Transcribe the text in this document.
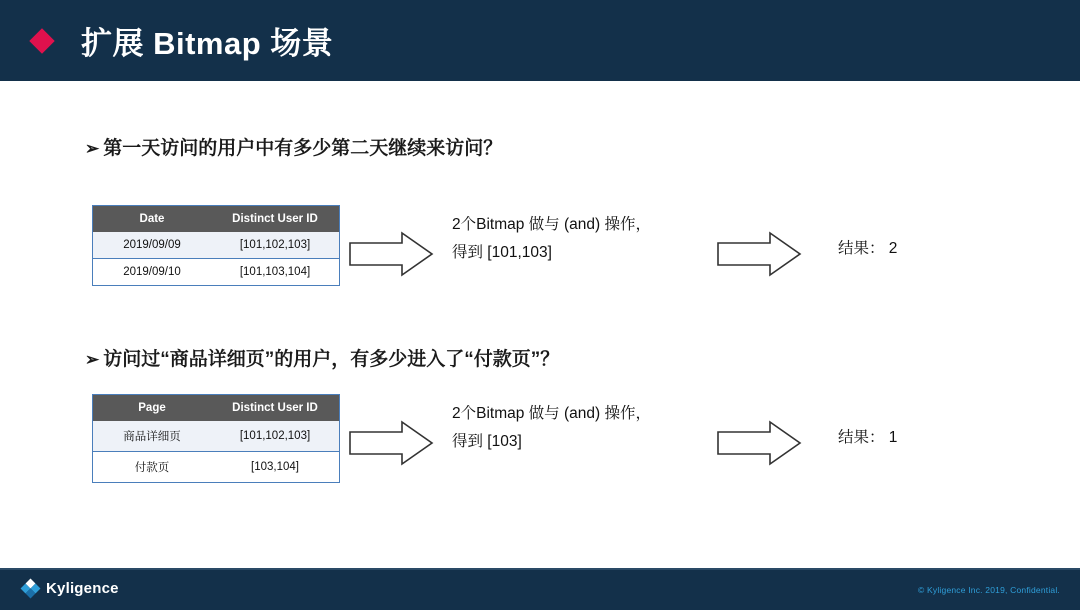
扩展 Bitmap 场景
➢ 第一天访问的用户中有多少第二天继续来访问？
Date	Distinct User ID
2019/09/09	[101,102,103]
2019/09/10	[101,103,104]
2个Bitmap 做与 (and) 操作，
得到 [101,103]	结果： 2
➢ 访问过“商品详细页”的用户，有多少进入了“付款页”？
Page	Distinct User ID
商品详细页	[101,102,103]
付款页	[103,104]
2个Bitmap 做与 (and) 操作，
得到 [103]	结果： 1
Kyligence	© Kyligence Inc. 2019, Confidential.
